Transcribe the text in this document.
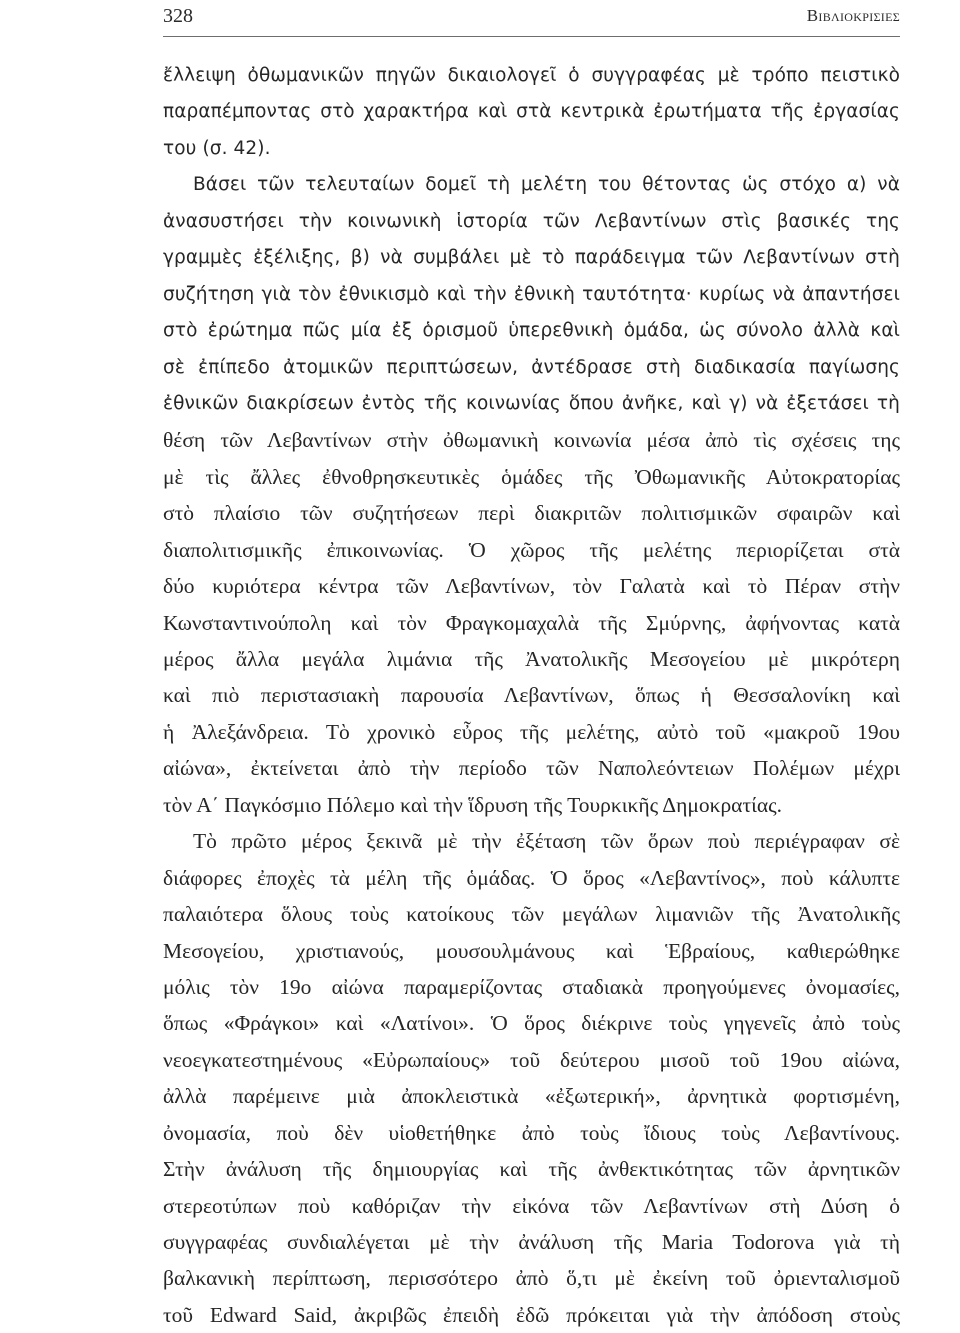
328	Βιβλιοκρισιες
ἔλλειψη ὀθωμανικῶν πηγῶν δικαιολογεῖ ὁ συγγραφέας μὲ τρόπο πειστικὸ
παραπέμποντας στὸ χαρακτήρα καὶ στὰ κεντρικὰ ἐρωτήματα τῆς ἐργασίας
του (σ. 42).
Βάσει τῶν τελευταίων δομεῖ τὴ μελέτη του θέτοντας ὡς στόχο α) νὰ
ἀνασυστήσει τὴν κοινωνικὴ ἱστορία τῶν Λεβαντίνων στὶς βασικές της
γραμμὲς ἐξέλιξης, β) νὰ συμβάλει μὲ τὸ παράδειγμα τῶν Λεβαντίνων στὴ
συζήτηση γιὰ τὸν ἐθνικισμὸ καὶ τὴν ἐθνικὴ ταυτότητα· κυρίως νὰ ἀπαντήσει
στὸ ἐρώτημα πῶς μία ἐξ ὁρισμοῦ ὑπερεθνικὴ ὁμάδα, ὡς σύνολο ἀλλὰ καὶ
σὲ ἐπίπεδο ἀτομικῶν περιπτώσεων, ἀντέδρασε στὴ διαδικασία παγίωσης
ἐθνικῶν διακρίσεων ἐντὸς τῆς κοινωνίας ὅπου ἀνῆκε, καὶ γ) νὰ ἐξετάσει τὴ
θέση τῶν Λεβαντίνων στὴν ὀθωμανικὴ κοινωνία μέσα ἀπὸ τὶς σχέσεις της
μὲ τὶς ἄλλες ἐθνοθρησκευτικὲς ὁμάδες τῆς Ὀθωμανικῆς Αὐτοκρατορίας
στὸ πλαίσιο τῶν συζητήσεων περὶ διακριτῶν πολιτισμικῶν σφαιρῶν καὶ
διαπολιτισμικῆς ἐπικοινωνίας. Ὁ χῶρος τῆς μελέτης περιορίζεται στὰ
δύο κυριότερα κέντρα τῶν Λεβαντίνων, τὸν Γαλατὰ καὶ τὸ Πέραν στὴν
Κωνσταντινούπολη καὶ τὸν Φραγκομαχαλὰ τῆς Σμύρνης, ἀφήνοντας κατὰ
μέρος ἄλλα μεγάλα λιμάνια τῆς Ἀνατολικῆς Μεσογείου μὲ μικρότερη
καὶ πιὸ περιστασιακὴ παρουσία Λεβαντίνων, ὅπως ἡ Θεσσαλονίκη καὶ
ἡ Ἀλεξάνδρεια. Τὸ χρονικὸ εὖρος τῆς μελέτης, αὐτὸ τοῦ «μακροῦ 19ου
αἰώνα», ἐκτείνεται ἀπὸ τὴν περίοδο τῶν Ναπολεόντειων Πολέμων μέχρι
τὸν Α΄ Παγκόσμιο Πόλεμο καὶ τὴν ἵδρυση τῆς Τουρκικῆς Δημοκρατίας.
Τὸ πρῶτο μέρος ξεκινᾶ μὲ τὴν ἐξέταση τῶν ὅρων ποὺ περιέγραφαν σὲ
διάφορες ἐποχὲς τὰ μέλη τῆς ὁμάδας. Ὁ ὅρος «Λεβαντίνος», ποὺ κάλυπτε
παλαιότερα ὅλους τοὺς κατοίκους τῶν μεγάλων λιμανιῶν τῆς Ἀνατολικῆς
Μεσογείου, χριστιανούς, μουσουλμάνους καὶ Ἑβραίους, καθιερώθηκε
μόλις τὸν 19ο αἰώνα παραμερίζοντας σταδιακὰ προηγούμενες ὀνομασίες,
ὅπως «Φράγκοι» καὶ «Λατίνοι». Ὁ ὅρος διέκρινε τοὺς γηγενεῖς ἀπὸ τοὺς
νεοεγκατεστημένους «Εὐρωπαίους» τοῦ δεύτερου μισοῦ τοῦ 19ου αἰώνα,
ἀλλὰ παρέμεινε μιὰ ἀποκλειστικὰ «ἐξωτερική», ἀρνητικὰ φορτισμένη,
ὀνομασία, ποὺ δὲν υἱοθετήθηκε ἀπὸ τοὺς ἴδιους τοὺς Λεβαντίνους.
Στὴν ἀνάλυση τῆς δημιουργίας καὶ τῆς ἀνθεκτικότητας τῶν ἀρνητικῶν
στερεοτύπων ποὺ καθόριζαν τὴν εἰκόνα τῶν Λεβαντίνων στὴ Δύση ὁ
συγγραφέας συνδιαλέγεται μὲ τὴν ἀνάλυση τῆς Maria Todorova γιὰ τὴ
βαλκανικὴ περίπτωση, περισσότερο ἀπὸ ὅ,τι μὲ ἐκείνη τοῦ ὀριενταλισμοῦ
τοῦ Edward Said, ἀκριβῶς ἐπειδὴ ἐδῶ πρόκειται γιὰ τὴν ἀπόδοση στοὺς
